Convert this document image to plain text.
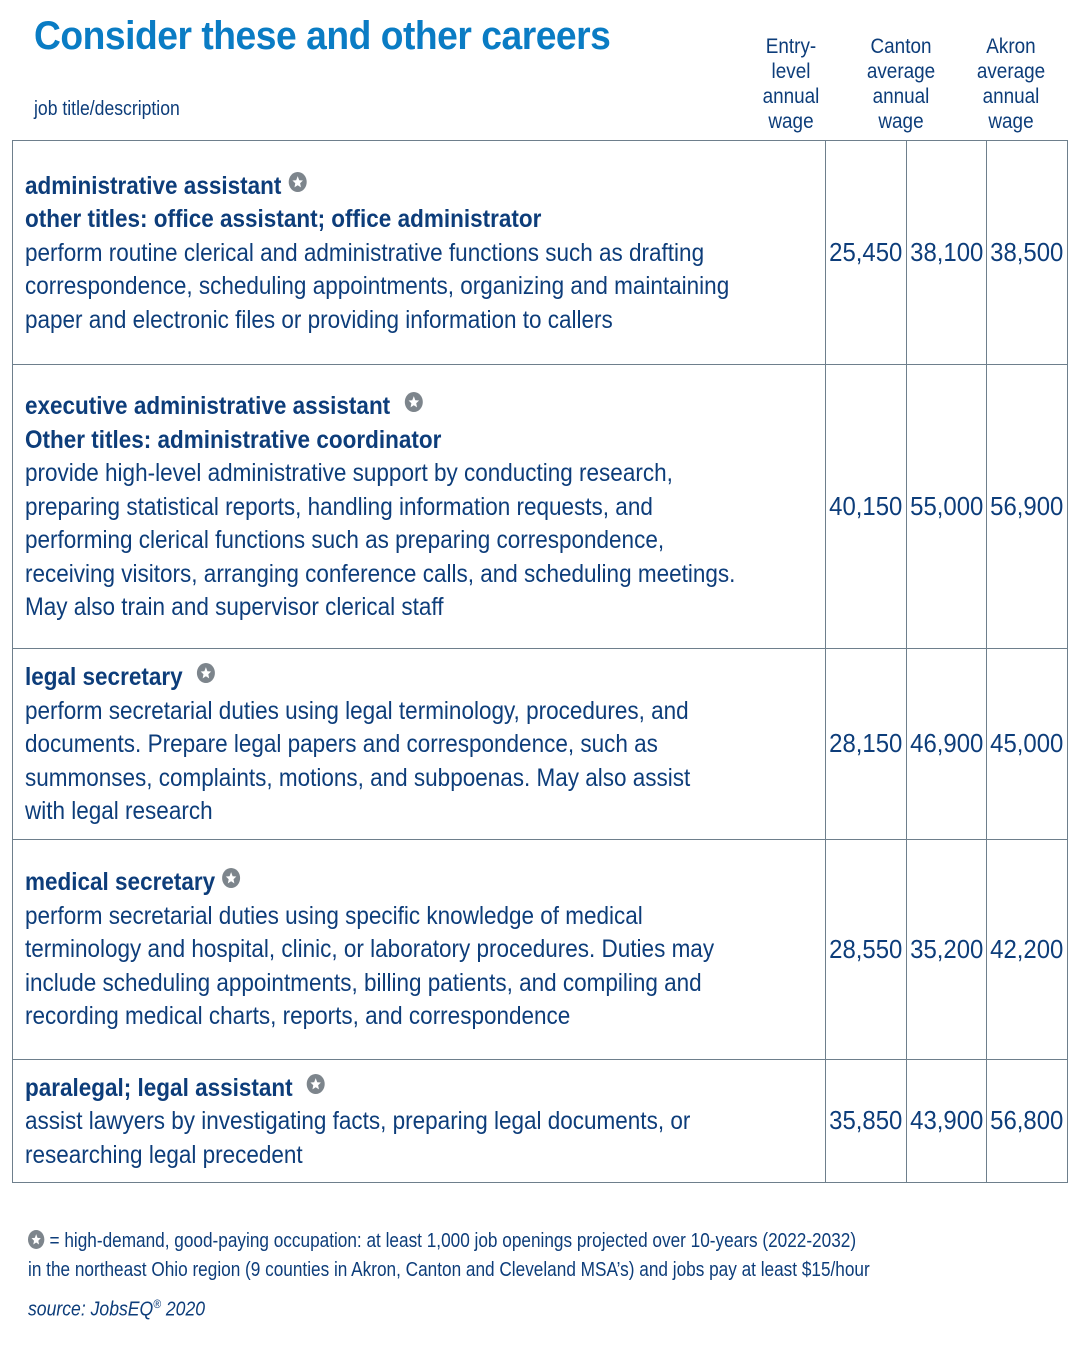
Consider these and other careers
job title/description
Entry-
level
annual
wage
Canton
average
annual
wage
Akron
average
annual
wage
administrative assistant

other titles: office assistant; office administrator
perform routine clerical and administrative functions such as drafting correspondence, scheduling appointments, organizing and maintaining paper and electronic files or providing information to callers	25,450	38,100	38,500

executive administrative assistant

Other titles: administrative coordinator
provide high-level administrative support by conducting research, preparing statistical reports, handling information requests, and performing clerical functions such as preparing correspondence, receiving visitors, arranging conference calls, and scheduling meetings. May also train and supervisor clerical staff	40,150	55,000	56,900

legal secretary

perform secretarial duties using legal terminology, procedures, and documents. Prepare legal papers and correspondence, such as summonses, complaints, motions, and subpoenas. May also assist with legal research	28,150	46,900	45,000

medical secretary

perform secretarial duties using specific knowledge of medical terminology and hospital, clinic, or laboratory procedures. Duties may include scheduling appointments, billing patients, and compiling and recording medical charts, reports, and correspondence	28,550	35,200	42,200

paralegal; legal assistant

assist lawyers by investigating facts, preparing legal documents, or researching legal precedent	35,850	43,900	56,800
= high-demand, good-paying occupation: at least 1,000 job openings projected over 10-years (2022-2032)
in the northeast Ohio region (9 counties in Akron, Canton and Cleveland MSA’s) and jobs pay at least $15/hour
source: JobsEQ® 2020
